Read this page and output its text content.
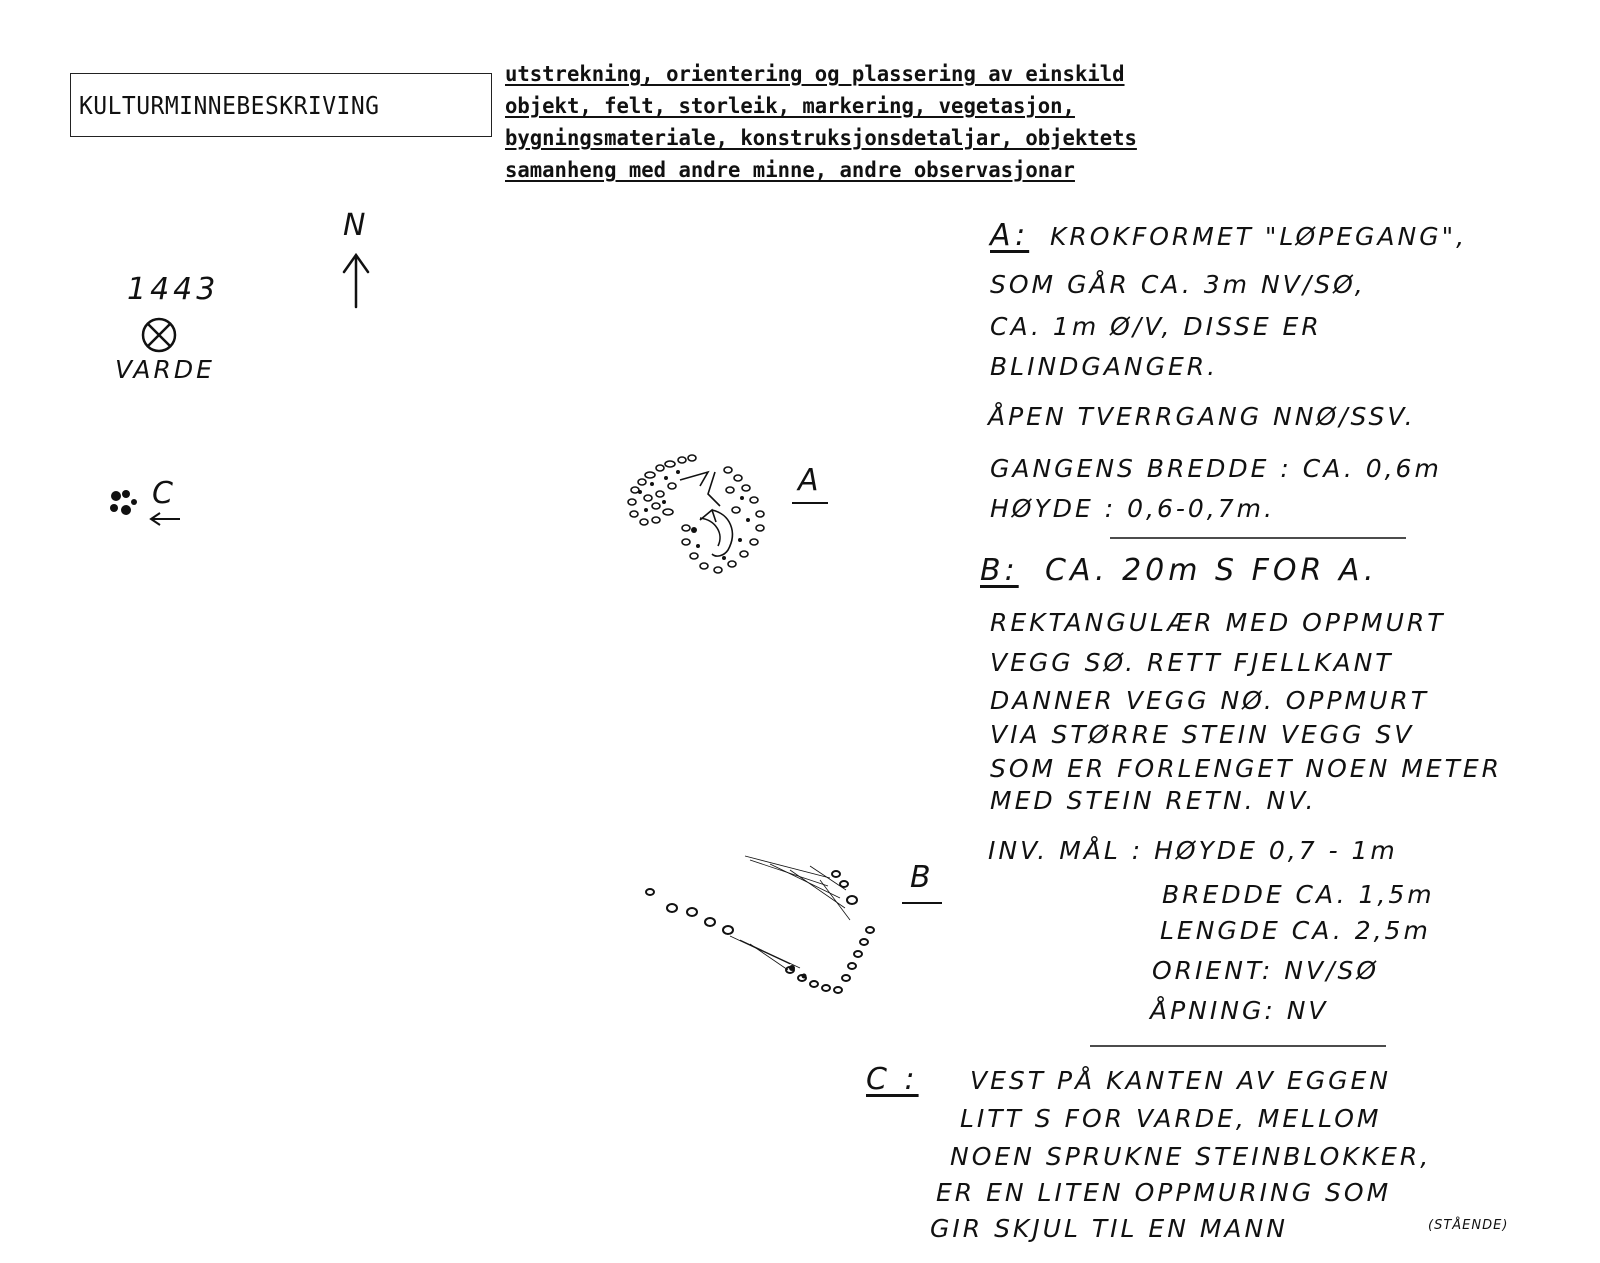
KULTURMINNEBESKRIVING
utstrekning, orientering og plassering av einskild
objekt, felt, storleik, markering, vegetasjon,
bygningsmateriale, konstruksjonsdetaljar, objektets
samanheng med andre minne, andre observasjonar
N
1443
VARDE
C	A
B
A: KROKFORMET "LØPEGANG",
SOM GÅR CA. 3m NV/SØ,
CA. 1m Ø/V, DISSE ER
BLINDGANGER.
ÅPEN TVERRGANG NNØ/SSV.
GANGENS BREDDE : CA. 0,6m
HØYDE : 0,6-0,7m.
B: CA. 20m S FOR A.
REKTANGULÆR MED OPPMURT
VEGG SØ. RETT FJELLKANT
DANNER VEGG NØ. OPPMURT
VIA STØRRE STEIN VEGG SV
SOM ER FORLENGET NOEN METER
MED STEIN RETN. NV.
INV. MÅL : HØYDE 0,7 - 1m
BREDDE CA. 1,5m
LENGDE CA. 2,5m
ORIENT: NV/SØ
ÅPNING: NV
C : VEST PÅ KANTEN AV EGGEN
LITT S FOR VARDE, MELLOM
NOEN SPRUKNE STEINBLOKKER,
ER EN LITEN OPPMURING SOM
GIR SKJUL TIL EN MANN	(STÅENDE)
